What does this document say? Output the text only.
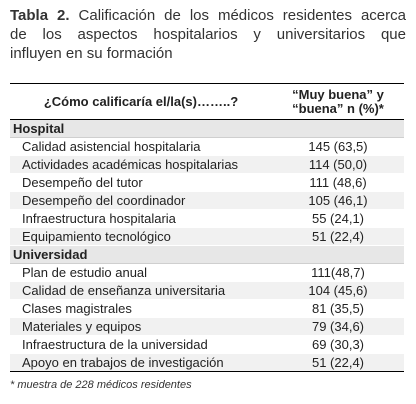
Tabla 2. Calificación de los médicos residentes acerca
de los aspectos hospitalarios y universitarios que
influyen en su formación
¿Cómo calificaría el/la(s)……..?	“Muy buena” y
“buena” n (%)*

Hospital	
Calidad asistencial hospitalaria	145 (63,5)
Actividades académicas hospitalarias	114 (50,0)
Desempeño del tutor	111 (48,6)
Desempeño del coordinador	105 (46,1)
Infraestructura hospitalaria	55 (24,1)
Equipamiento tecnológico	51 (22,4)
Universidad	
Plan de estudio anual	111(48,7)
Calidad de enseñanza universitaria	104 (45,6)
Clases magistrales	81 (35,5)
Materiales y equipos	79 (34,6)
Infraestructura de la universidad	69 (30,3)
Apoyo en trabajos de investigación	51 (22,4)
* muestra de 228 médicos residentes
